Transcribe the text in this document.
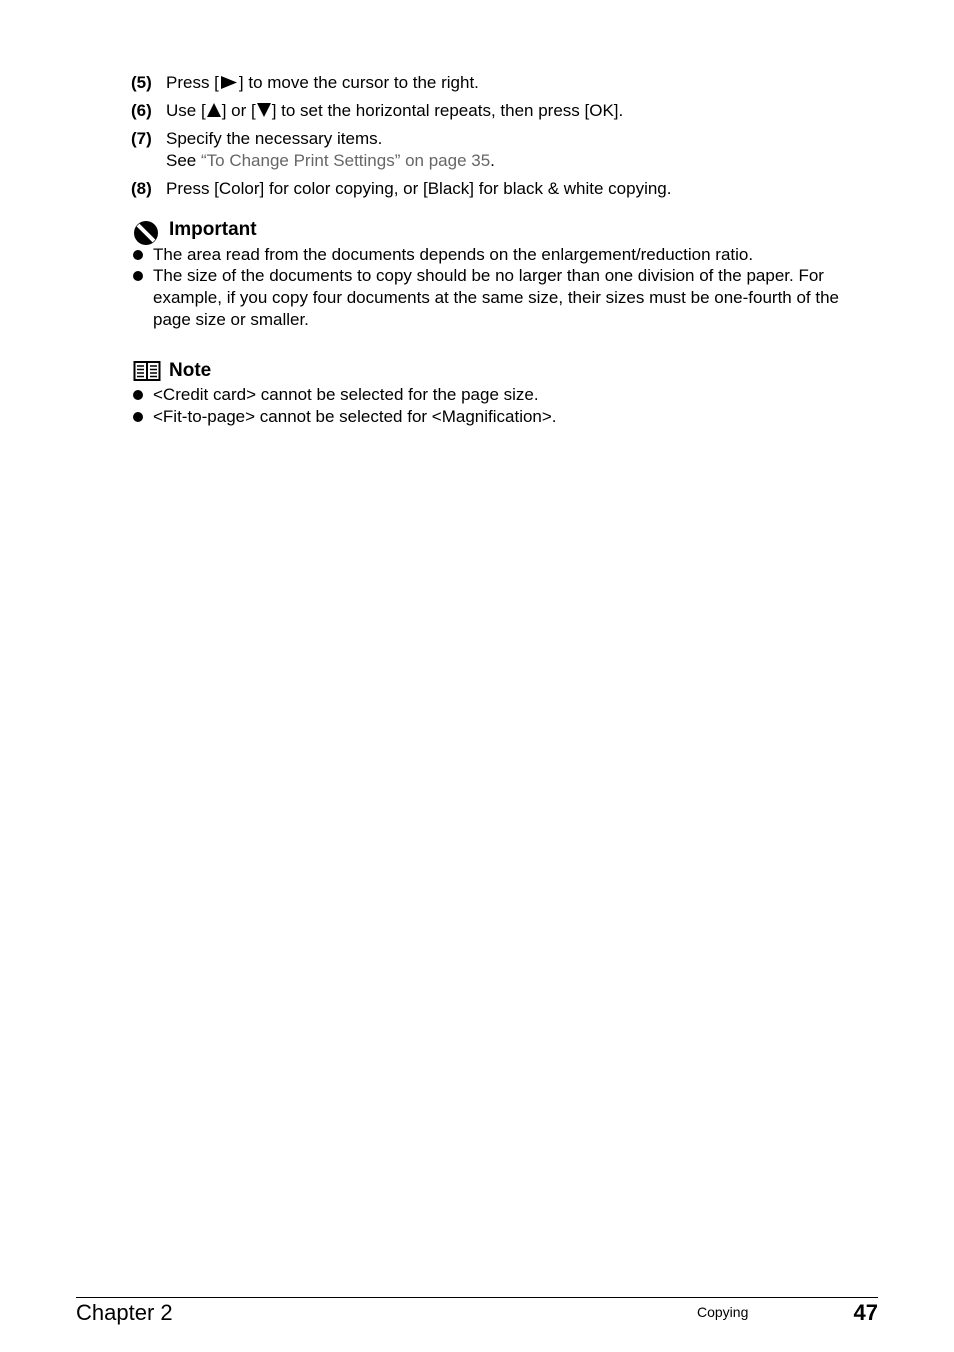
(5) Press [ ] to move the cursor to the right.
(6) Use [ ] or [ ] to set the horizontal repeats, then press [OK].
(7) Specify the necessary items.
See “To Change Print Settings” on page 35.
(8) Press [Color] for color copying, or [Black] for black & white copying.
Important
The area read from the documents depends on the enlargement/reduction ratio.
The size of the documents to copy should be no larger than one division of the paper. For example, if you copy four documents at the same size, their sizes must be one-fourth of the page size or smaller.
Note
<Credit card> cannot be selected for the page size.
<Fit-to-page> cannot be selected for <Magnification>.
Chapter 2	Copying	47
